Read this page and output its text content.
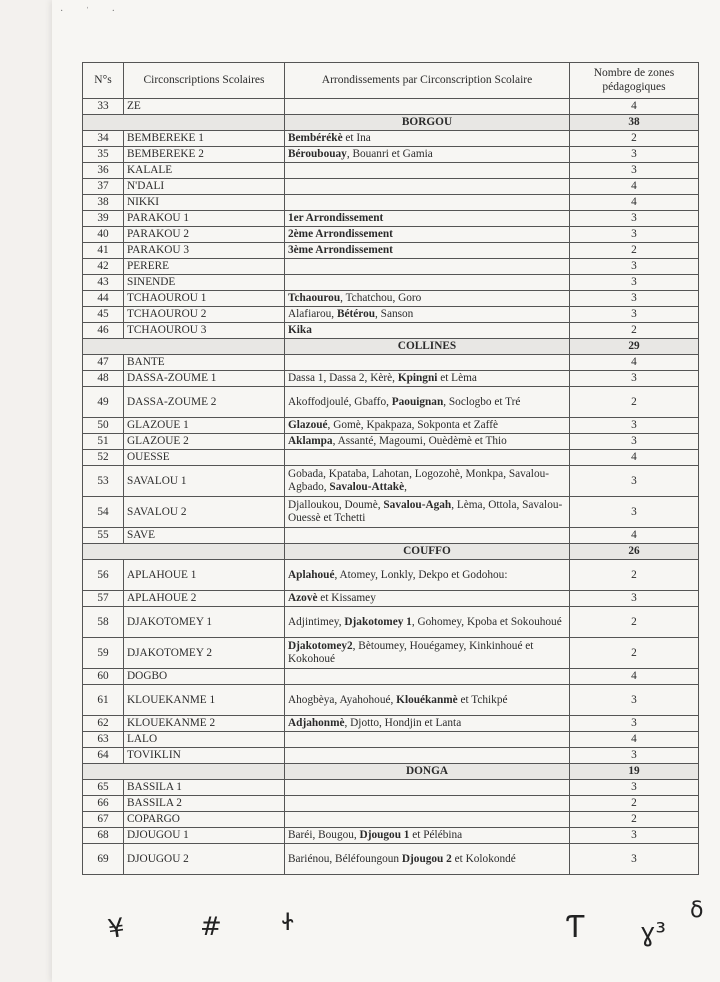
· ˈ ·
N°s	Circonscriptions Scolaires	Arrondissements par Circonscription Scolaire	Nombre de zones pédagogiques
33	ZE		4
		BORGOU	38
34	BEMBEREKE 1	Bembérékè et Ina	2
35	BEMBEREKE 2	Béroubouay, Bouanri et Gamia	3
36	KALALE		3
37	N'DALI		4
38	NIKKI		4
39	PARAKOU 1	1er Arrondissement	3
40	PARAKOU 2	2ème Arrondissement	3
41	PARAKOU 3	3ème Arrondissement	2
42	PERERE		3
43	SINENDE		3
44	TCHAOUROU 1	Tchaourou, Tchatchou, Goro	3
45	TCHAOUROU 2	Alafiarou, Bétérou, Sanson	3
46	TCHAOUROU 3	Kika	2
		COLLINES	29
47	BANTE		4
48	DASSA-ZOUME 1	Dassa 1, Dassa 2, Kèrè, Kpingni et Lèma	3
49	DASSA-ZOUME 2	Akoffodjoulé, Gbaffo, Paouignan, Soclogbo et Tré	2
50	GLAZOUE 1	Glazoué, Gomè, Kpakpaza, Sokponta et Zaffè	3
51	GLAZOUE 2	Aklampa, Assanté, Magoumi, Ouèdèmè et Thio	3
52	OUESSE		4
53	SAVALOU 1	Gobada, Kpataba, Lahotan, Logozohè, Monkpa, Savalou-Agbado, Savalou-Attakè,	3
54	SAVALOU 2	Djalloukou, Doumè, Savalou-Agah, Lèma, Ottola, Savalou-Ouessè et Tchetti	3
55	SAVE		4
		COUFFO	26
56	APLAHOUE 1	Aplahoué, Atomey, Lonkly, Dekpo et Godohou:	2
57	APLAHOUE 2	Azovè et Kissamey	3
58	DJAKOTOMEY 1	Adjintimey, Djakotomey 1, Gohomey, Kpoba et Sokouhoué	2
59	DJAKOTOMEY 2	Djakotomey2, Bètoumey, Houégamey, Kinkinhoué et Kokohoué	2
60	DOGBO		4
61	KLOUEKANME 1	Ahogbèya, Ayahohoué, Klouékanmè et Tchikpé	3
62	KLOUEKANME 2	Adjahonmè, Djotto, Hondjin et Lanta	3
63	LALO		4
64	TOVIKLIN		3
		DONGA	19
65	BASSILA 1		3
66	BASSILA 2		2
67	COPARGO		2
68	DJOUGOU 1	Baréi, Bougou, Djougou 1 et Pélébina	3
69	DJOUGOU 2	Bariénou, Béléfoungoun Djougou 2 et Kolokondé	3
¥	#	Ꮠ	Ƭ ɣ³
δ
